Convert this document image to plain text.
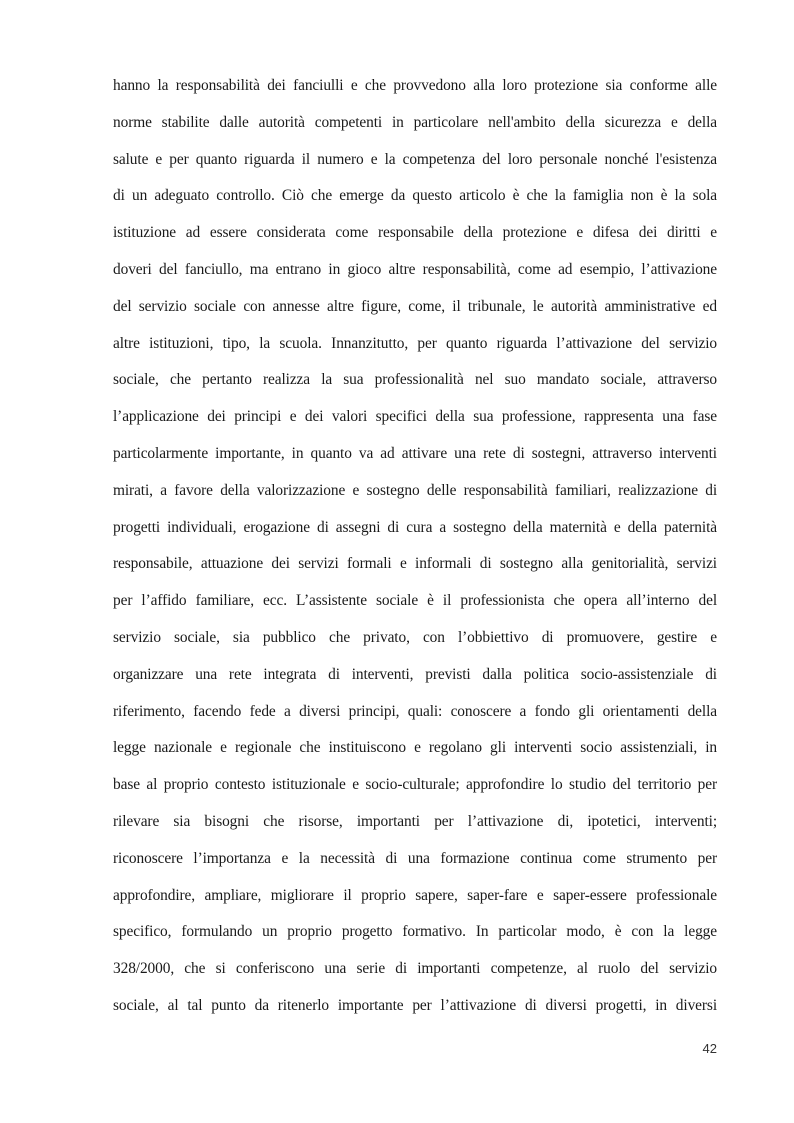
hanno la responsabilità dei fanciulli e che provvedono alla loro protezione sia conforme alle
norme stabilite dalle autorità competenti in particolare nell'ambito della sicurezza e della
salute e per quanto riguarda il numero e la competenza del loro personale nonché l'esistenza
di un adeguato controllo. Ciò che emerge da questo articolo è che la famiglia non è la sola
istituzione ad essere considerata come responsabile della protezione e difesa dei diritti e
doveri del fanciullo, ma entrano in gioco altre responsabilità, come ad esempio, l’attivazione
del servizio sociale con annesse altre figure, come, il tribunale, le autorità amministrative ed
altre istituzioni, tipo, la scuola. Innanzitutto, per quanto riguarda l’attivazione del servizio
sociale, che pertanto realizza la sua professionalità nel suo mandato sociale, attraverso
l’applicazione dei principi e dei valori specifici della sua professione, rappresenta una fase
particolarmente importante, in quanto va ad attivare una rete di sostegni, attraverso interventi
mirati, a favore della valorizzazione e sostegno delle responsabilità familiari, realizzazione di
progetti individuali, erogazione di assegni di cura a sostegno della maternità e della paternità
responsabile, attuazione dei servizi formali e informali di sostegno alla genitorialità, servizi
per l’affido familiare, ecc. L’assistente sociale è il professionista che opera all’interno del
servizio sociale, sia pubblico che privato, con l’obbiettivo di promuovere, gestire e
organizzare una rete integrata di interventi, previsti dalla politica socio-assistenziale di
riferimento, facendo fede a diversi principi, quali: conoscere a fondo gli orientamenti della
legge nazionale e regionale che instituiscono e regolano gli interventi socio assistenziali, in
base al proprio contesto istituzionale e socio-culturale; approfondire lo studio del territorio per
rilevare sia bisogni che risorse, importanti per l’attivazione di, ipotetici, interventi;
riconoscere l’importanza e la necessità di una formazione continua come strumento per
approfondire, ampliare, migliorare il proprio sapere, saper-fare e saper-essere professionale
specifico, formulando un proprio progetto formativo. In particolar modo, è con la legge
328/2000, che si conferiscono una serie di importanti competenze, al ruolo del servizio
sociale, al tal punto da ritenerlo importante per l’attivazione di diversi progetti, in diversi
42
